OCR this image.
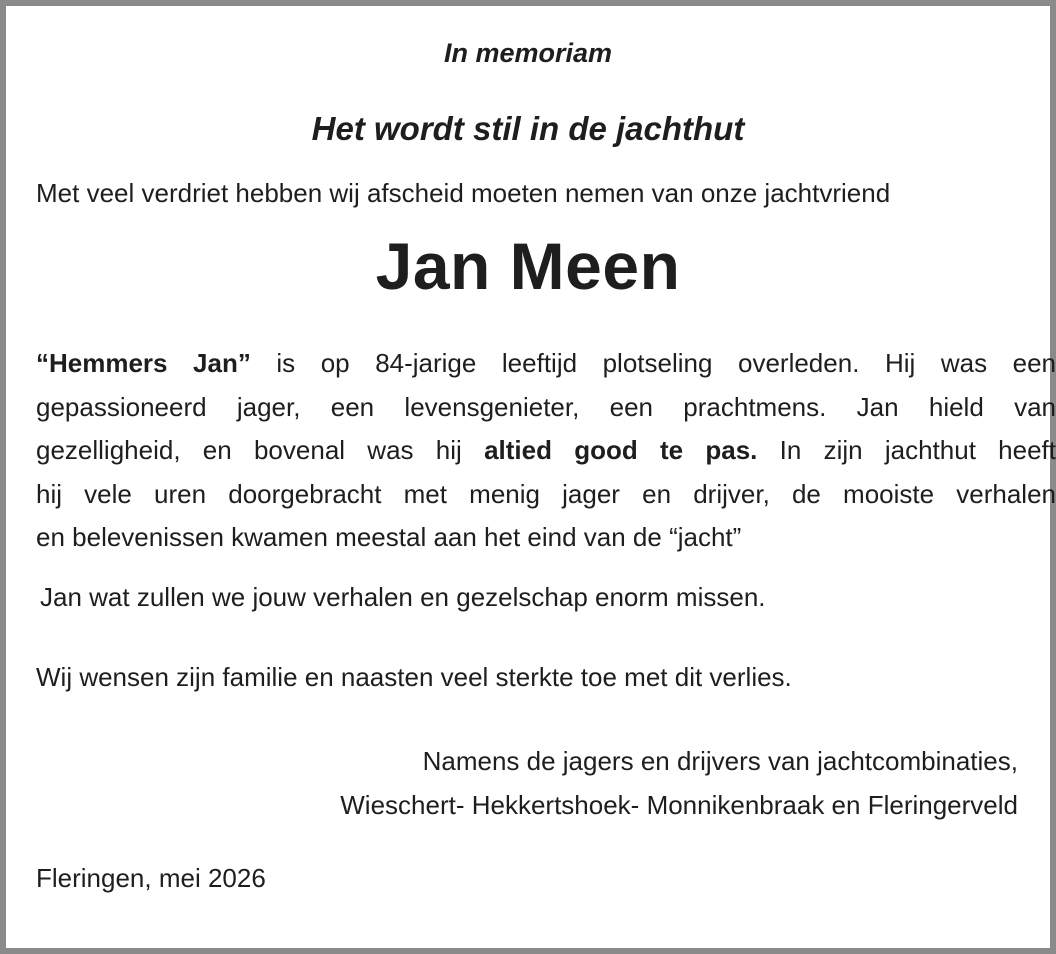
In memoriam
Het wordt stil in de jachthut
Met veel verdriet hebben wij afscheid moeten nemen van onze jachtvriend
Jan Meen
“Hemmers Jan” is op 84-jarige leeftijd plotseling overleden. Hij was een
gepassioneerd jager, een levensgenieter, een prachtmens. Jan hield van
gezelligheid, en bovenal was hij altied good te pas. In zijn jachthut heeft
hij vele uren doorgebracht met menig jager en drijver, de mooiste verhalen
en belevenissen kwamen meestal aan het eind van de “jacht”
Jan wat zullen we jouw verhalen en gezelschap enorm missen.
Wij wensen zijn familie en naasten veel sterkte toe met dit verlies.
Namens de jagers en drijvers van jachtcombinaties,
Wieschert- Hekkertshoek- Monnikenbraak en Fleringerveld
Fleringen, mei 2026
